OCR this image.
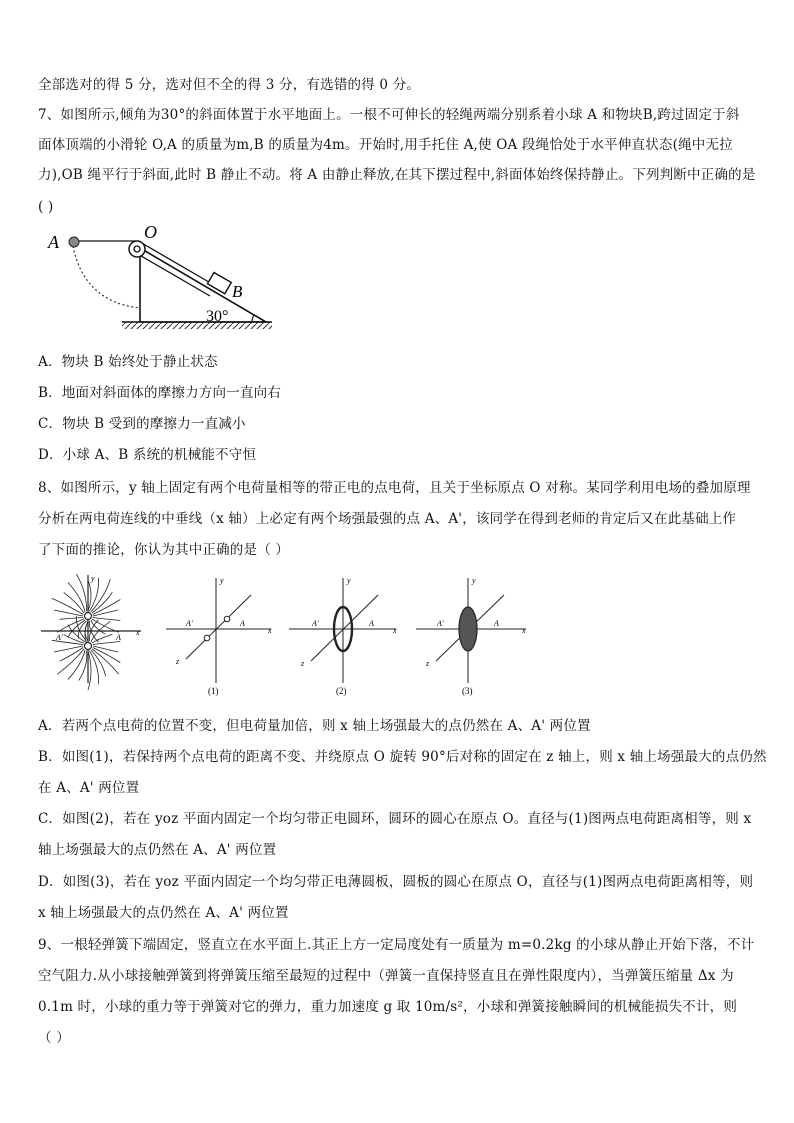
全部选对的得 5 分，选对但不全的得 3 分，有选错的得 0 分。
7、如图所示,倾角为30°的斜面体置于水平地面上。一根不可伸长的轻绳两端分别系着小球 A 和物块B,跨过固定于斜
面体顶端的小滑轮 O,A 的质量为m,B 的质量为4m。开始时,用手托住 A,使 OA 段绳恰处于水平伸直状态(绳中无拉
力),OB 绳平行于斜面,此时 B 静止不动。将 A 由静止释放,在其下摆过程中,斜面体始终保持静止。下列判断中正确的是
( )
A	O
B
30°
A．物块 B 始终处于静止状态
B．地面对斜面体的摩擦力方向一直向右
C．物块 B 受到的摩擦力一直减小
D．小球 A、B 系统的机械能不守恒
8、如图所示，y 轴上固定有两个电荷量相等的带正电的点电荷，且关于坐标原点 O 对称。某同学利用电场的叠加原理
分析在两电荷连线的中垂线（x 轴）上必定有两个场强最强的点 A、A'，该同学在得到老师的肯定后又在此基础上作
了下面的推论，你认为其中正确的是（ ）
x
y
A'	A
x
y
z
A'	A
(1)
x
y
z
A'	A
(2)
x
y
z
A'	A
(3)
A．若两个点电荷的位置不变，但电荷量加倍，则 x 轴上场强最大的点仍然在 A、A' 两位置
B．如图(1)，若保持两个点电荷的距离不变、并绕原点 O 旋转 90°后对称的固定在 z 轴上，则 x 轴上场强最大的点仍然
在 A、A' 两位置
C．如图(2)，若在 yoz 平面内固定一个均匀带正电圆环，圆环的圆心在原点 O。直径与(1)图两点电荷距离相等，则 x
轴上场强最大的点仍然在 A、A' 两位置
D．如图(3)，若在 yoz 平面内固定一个均匀带正电薄圆板，圆板的圆心在原点 O，直径与(1)图两点电荷距离相等，则
x 轴上场强最大的点仍然在 A、A' 两位置
9、一根轻弹簧下端固定，竖直立在水平面上.其正上方一定局度处有一质量为 m=0.2kg 的小球从静止开始下落，不计
空气阻力.从小球接触弹簧到将弹簧压缩至最短的过程中（弹簧一直保持竖直且在弹性限度内），当弹簧压缩量 Δx 为
0.1m 时，小球的重力等于弹簧对它的弹力，重力加速度 g 取 10m/s²，小球和弹簧接触瞬间的机械能损失不计，则
（ ）
